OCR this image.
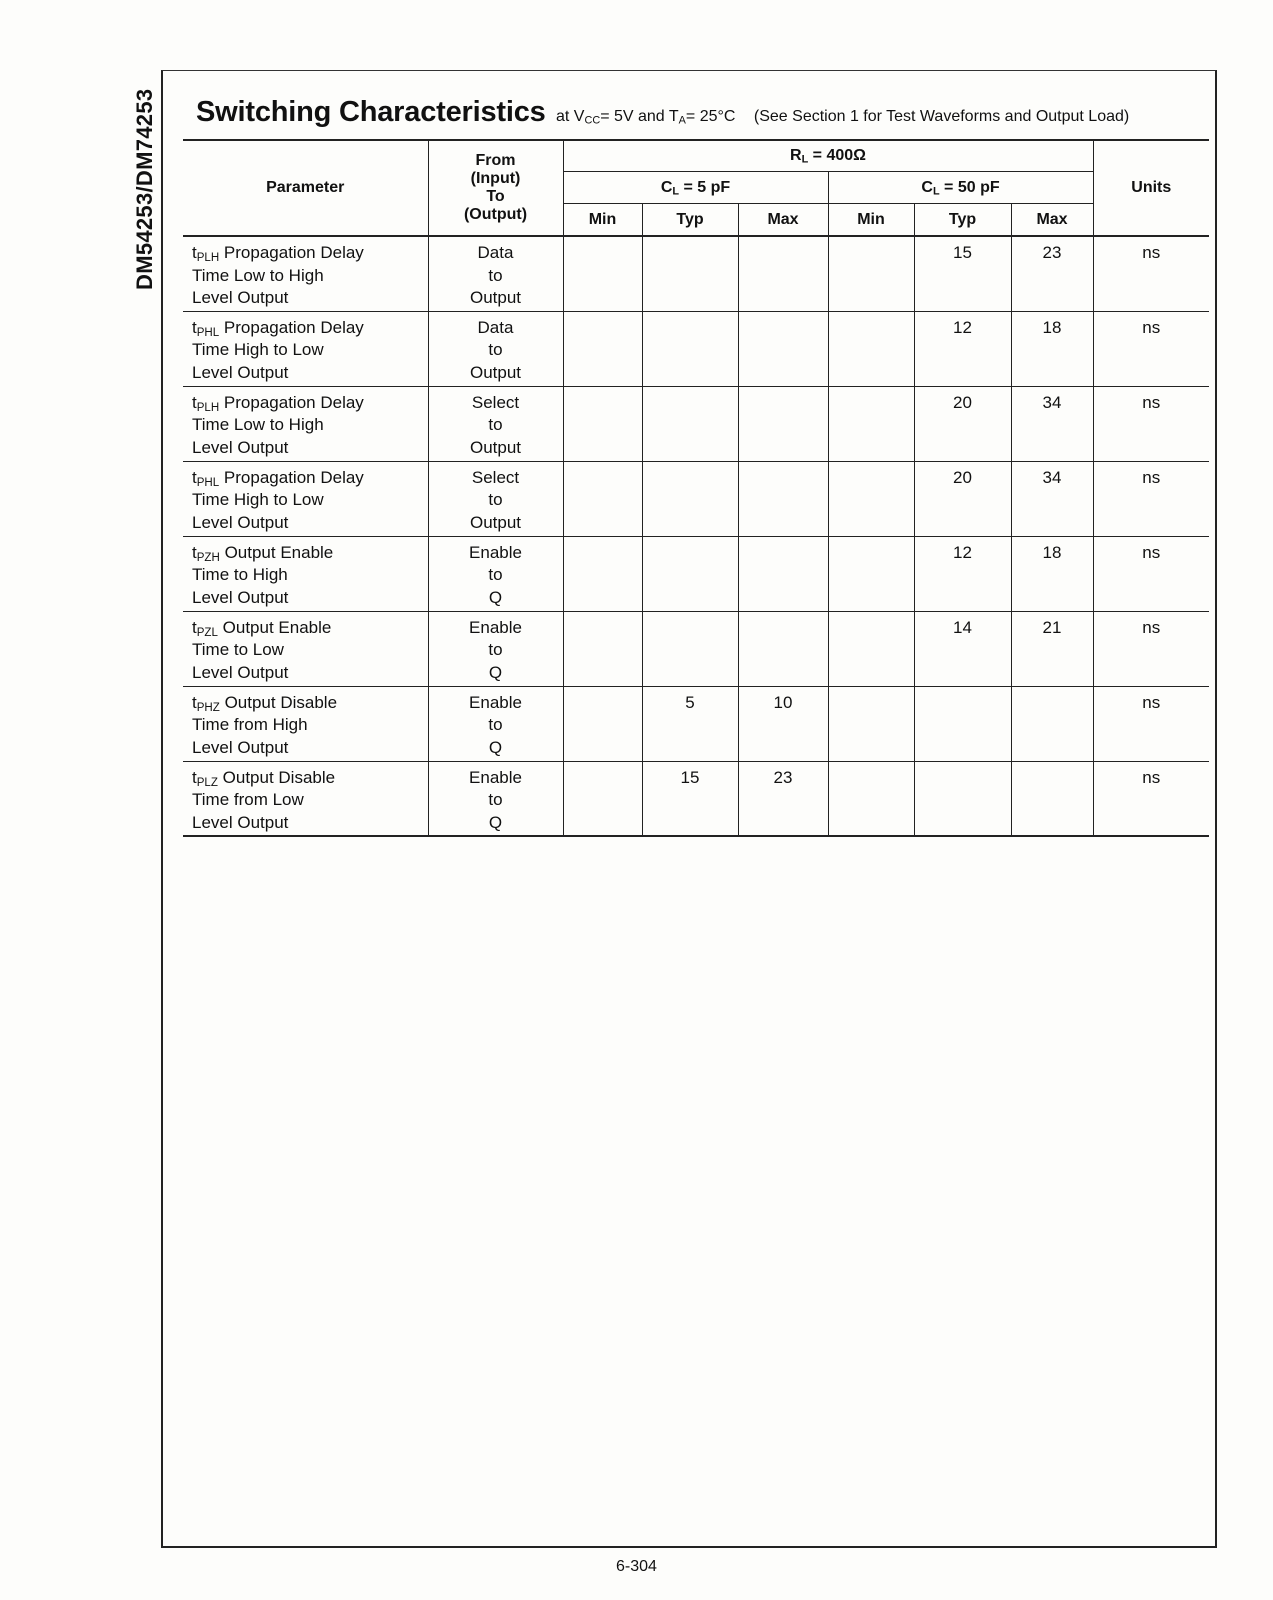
DM54253/DM74253 Switching Characteristics at $V_{CC}= 5V$ and $T_A= 25^\circ C$ (See Section 1 for Test Waveforms and Output Load)
Parameter	From
(Input)
To
(Output)	$R_L = 400\Omega$						Units
		$C_L = 5$ pF			$C_L = 50$ pF			
		Min	Typ	Max	Min	Typ	Max	

$t_{PLH}$ Propagation Delay
Time Low to High
Level Output	Data
to
Output					15	23	ns

$t_{PHL}$ Propagation Delay
Time High to Low
Level Output	Data
to
Output					12	18	ns

$t_{PLH}$ Propagation Delay
Time Low to High
Level Output	Select
to
Output					20	34	ns

$t_{PHL}$ Propagation Delay
Time High to Low
Level Output	Select
to
Output					20	34	ns

$t_{PZH}$ Output Enable
Time to High
Level Output	Enable
to
Q					12	18	ns

$t_{PZL}$ Output Enable
Time to Low
Level Output	Enable
to
Q					14	21	ns

$t_{PHZ}$ Output Disable
Time from High
Level Output	Enable
to
Q		5	10				ns

$t_{PLZ}$ Output Disable
Time from Low
Level Output	Enable
to
Q		15	23				ns
6-304
